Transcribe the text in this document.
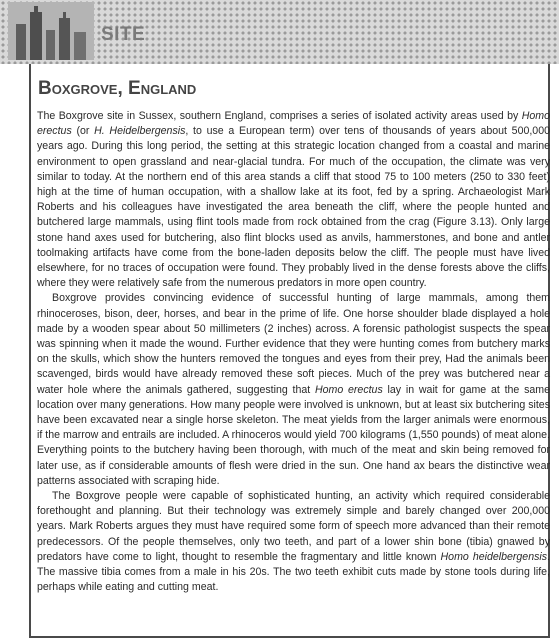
SITE
Boxgrove, England

The Boxgrove site in Sussex, southern England, comprises a series of isolated activity areas used by Homo erectus (or H. Heidelbergensis, to use a European term) over tens of thousands of years about 500,000 years ago. During this long period, the setting at this strategic location changed from a coastal and marine environment to open grassland and near-glacial tundra. For much of the occupation, the climate was very similar to today. At the northern end of this area stands a cliff that stood 75 to 100 meters (250 to 330 feet) high at the time of human occupation, with a shallow lake at its foot, fed by a spring. Archaeologist Mark Roberts and his colleagues have investigated the area beneath the cliff, where the people hunted and butchered large mammals, using flint tools made from rock obtained from the crag (Figure 3.13). Only large stone hand axes used for butchering, also flint blocks used as anvils, hammerstones, and bone and antler toolmaking artifacts have come from the bone-laden deposits below the cliff. The people must have lived elsewhere, for no traces of occupation were found. They probably lived in the dense forests above the cliffs, where they were relatively safe from the numerous predators in more open country.

Boxgrove provides convincing evidence of successful hunting of large mammals, among them rhinoceroses, bison, deer, horses, and bear in the prime of life. One horse shoulder blade displayed a hole made by a wooden spear about 50 millimeters (2 inches) across. A forensic pathologist suspects the spear was spinning when it made the wound. Further evidence that they were hunting comes from butchery marks on the skulls, which show the hunters removed the tongues and eyes from their prey, Had the animals been scavenged, birds would have already removed these soft pieces. Much of the prey was butchered near a water hole where the animals gathered, suggesting that Homo erectus lay in wait for game at the same location over many generations. How many people were involved is unknown, but at least six butchering sites have been excavated near a single horse skeleton. The meat yields from the larger animals were enormous, if the marrow and entrails are included. A rhinoceros would yield 700 kilograms (1,550 pounds) of meat alone. Everything points to the butchery having been thorough, with much of the meat and skin being removed for later use, as if considerable amounts of flesh were dried in the sun. One hand ax bears the distinctive wear patterns associated with scraping hide.

The Boxgrove people were capable of sophisticated hunting, an activity which required considerable forethought and planning. But their technology was extremely simple and barely changed over 200,000 years. Mark Roberts argues they must have required some form of speech more advanced than their remote predecessors. Of the people themselves, only two teeth, and part of a lower shin bone (tibia) gnawed by predators have come to light, thought to resemble the fragmentary and little known Homo heidelbergensis. The massive tibia comes from a male in his 20s. The two teeth exhibit cuts made by stone tools during life, perhaps while eating and cutting meat.
